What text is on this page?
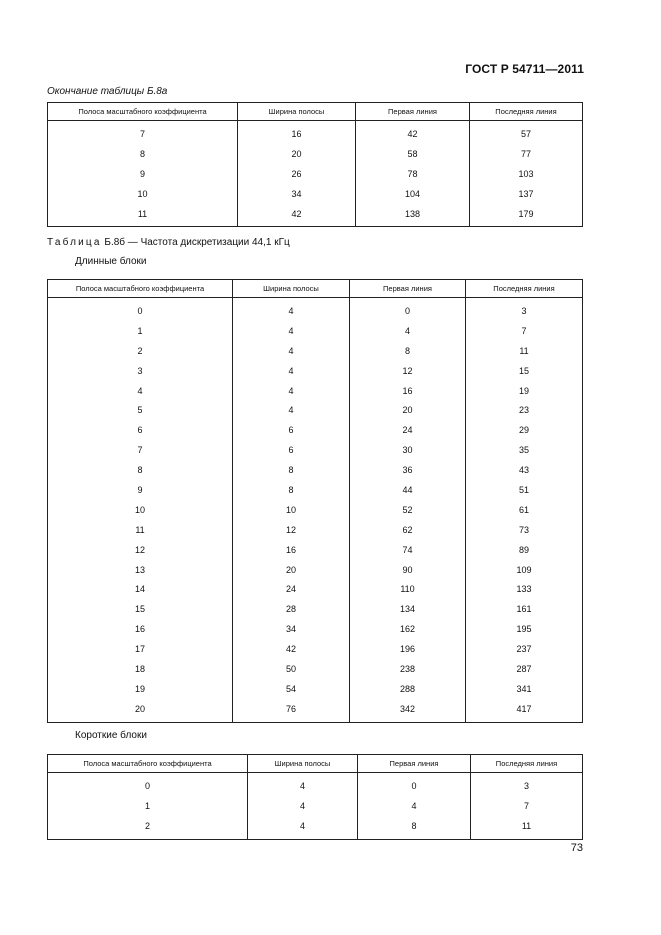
ГОСТ Р 54711—2011
Окончание таблицы Б.8а
Полоса масштабного коэффициента	Ширина полосы	Первая линия	Последняя линия
7	16	42	57
8	20	58	77
9	26	78	103
10	34	104	137
11	42	138	179
Таблица Б.8б — Частота дискретизации 44,1 кГц
Длинные блоки
Полоса масштабного коэффициента	Ширина полосы	Первая линия	Последняя линия
0	4	0	3
1	4	4	7
2	4	8	11
3	4	12	15
4	4	16	19
5	4	20	23
6	6	24	29
7	6	30	35
8	8	36	43
9	8	44	51
10	10	52	61
11	12	62	73
12	16	74	89
13	20	90	109
14	24	110	133
15	28	134	161
16	34	162	195
17	42	196	237
18	50	238	287
19	54	288	341
20	76	342	417
Короткие блоки
Полоса масштабного коэффициента	Ширина полосы	Первая линия	Последняя линия
0	4	0	3
1	4	4	7
2	4	8	11
73
